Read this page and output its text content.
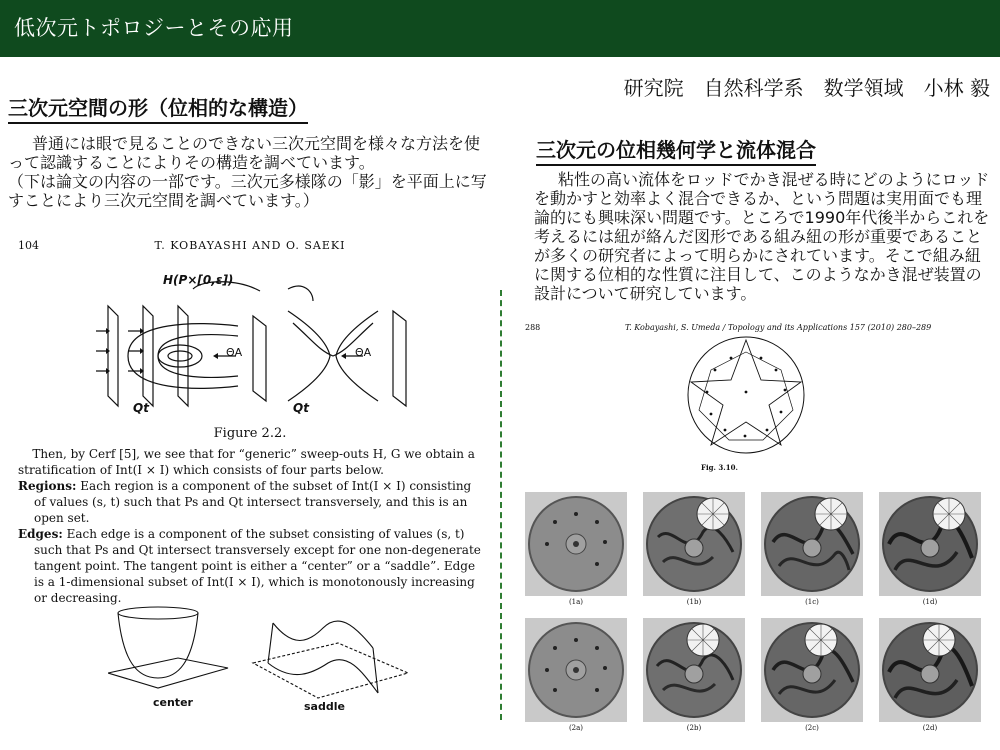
低次元トポロジーとその応用
研究院　自然科学系　数学領域　小林 毅
三次元空間の形（位相的な構造）

普通には眼で見ることのできない三次元空間を様々な方法を使って認識することによりその構造を調べています。

（下は論文の内容の一部です。三次元多様隊の「影」を平面上に写すことにより三次元空間を調べています。）

三次元の位相幾何学と流体混合

粘性の高い流体をロッドでかき混ぜる時にどのようにロッドを動かすと効率よく混合できるか、という問題は実用面でも理論的にも興味深い問題です。ところで1990年代後半からこれを考えるには紐が絡んだ図形である組み紐の形が重要であることが多くの研究者によって明らかにされています。そこで組み紐に関する位相的な性質に注目して、このようなかき混ぜ装置の設計について研究しています。

104	T. KOBAYASHI AND O. SAEKI
H(P×[0,ε])
ΘA	ΘA
Qt	Qt
Figure 2.2.

Then, by Cerf [5], we see that for “generic” sweep-outs H, G we obtain a stratification of Int(I × I) which consists of four parts below.

Regions: Each region is a component of the subset of Int(I × I) consisting of values (s, t) such that Ps and Qt intersect transversely, and this is an open set.

Edges: Each edge is a component of the subset consisting of values (s, t) such that Ps and Qt intersect transversely except for one non-degenerate tangent point. The tangent point is either a “center” or a “saddle”. Edge is a 1-dimensional subset of Int(I × I), which is monotonously increasing or decreasing.

center	saddle
288	T. Kobayashi, S. Umeda / Topology and its Applications 157 (2010) 280–289
Fig. 3.10.
(1a)	(1b)	(1c)	(1d)
(2a)	(2b)	(2c)	(2d)
